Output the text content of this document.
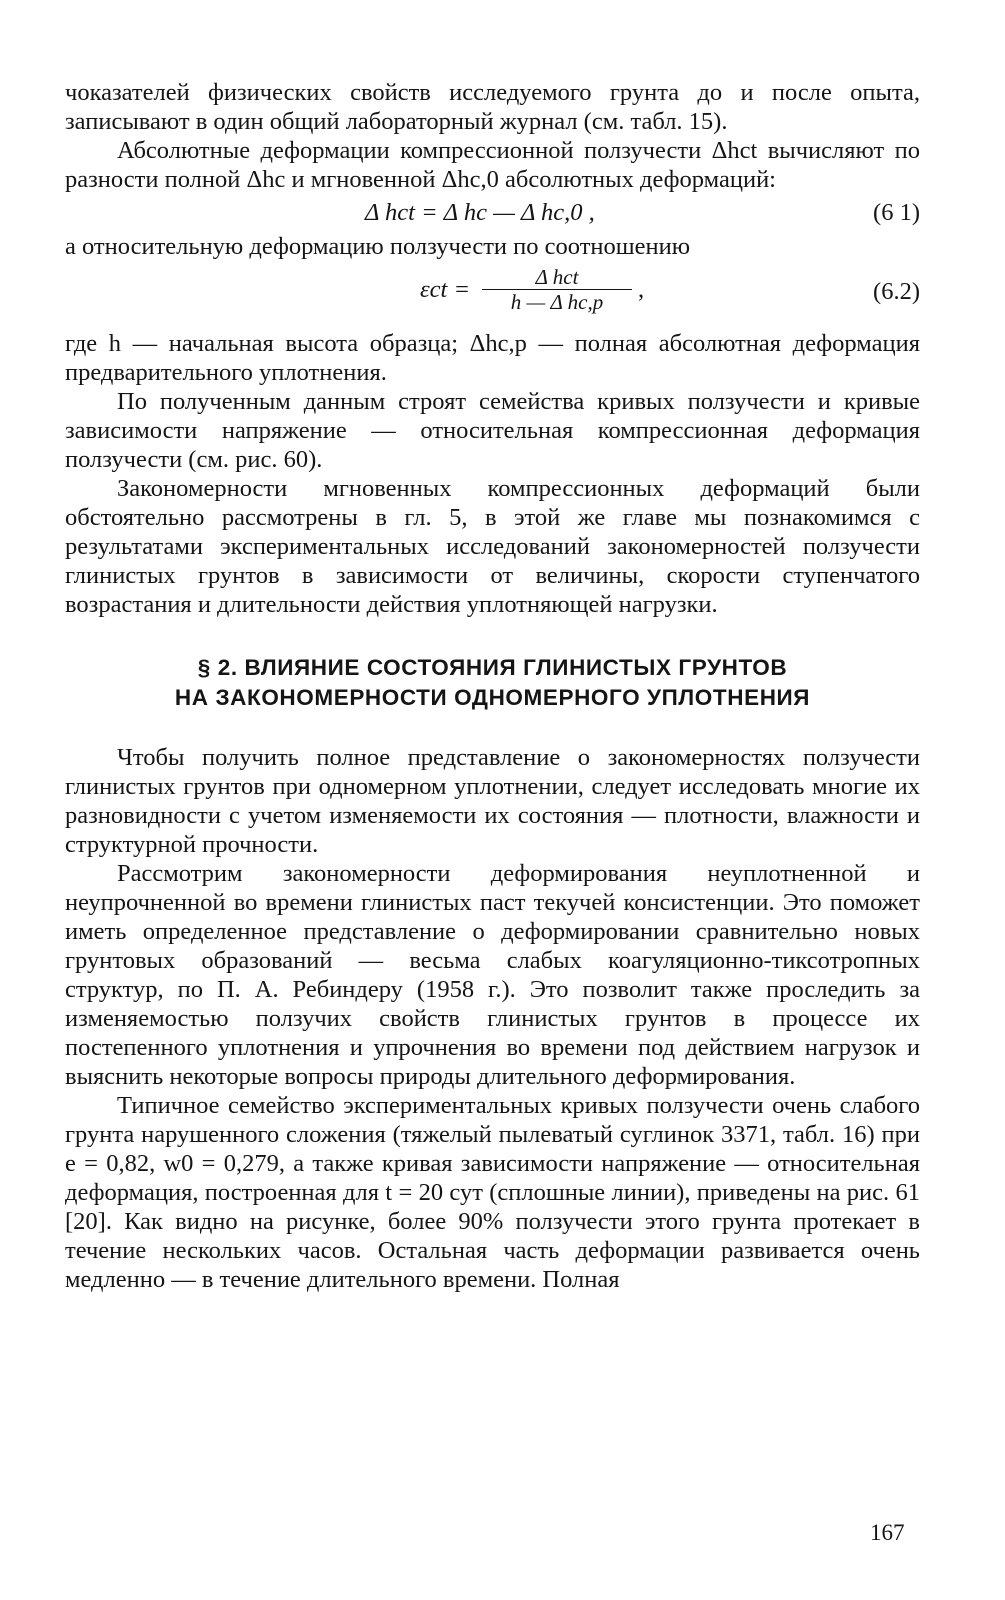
чоказателей физических свойств исследуемого грунта до и после опыта, записывают в один общий лабораторный журнал (см. табл. 15).

Абсолютные деформации компрессионной ползучести Δhct вычисляют по разности полной Δhc и мгновенной Δhc,0 абсолютных деформаций:

Δ hct = Δ hc — Δ hc,0 ,	(6 1)

а относительную деформацию ползучести по соотношению

$\varepsilon ct = \frac{\text{Δ hct}}{\text{h — Δ hc,p}}$ ,	(6.2)

где h — начальная высота образца; Δhc,p — полная абсолютная деформация предварительного уплотнения.

По полученным данным строят семейства кривых ползучести и кривые зависимости напряжение — относительная компрессионная деформация ползучести (см. рис. 60).

Закономерности мгновенных компрессионных деформаций были обстоятельно рассмотрены в гл. 5, в этой же главе мы познакомимся с результатами экспериментальных исследований закономерностей ползучести глинистых грунтов в зависимости от величины, скорости ступенчатого возрастания и длительности действия уплотняющей нагрузки.

§ 2. ВЛИЯНИЕ СОСТОЯНИЯ ГЛИНИСТЫХ ГРУНТОВ
НА ЗАКОНОМЕРНОСТИ ОДНОМЕРНОГО УПЛОТНЕНИЯ

Чтобы получить полное представление о закономерностях ползучести глинистых грунтов при одномерном уплотнении, следует исследовать многие их разновидности с учетом изменяемости их состояния — плотности, влажности и структурной прочности.

Рассмотрим закономерности деформирования неуплотненной и неупрочненной во времени глинистых паст текучей консистенции. Это поможет иметь определенное представление о деформировании сравнительно новых грунтовых образований — весьма слабых коагуляционно-тиксотропных структур, по П. А. Ребиндеру (1958 г.). Это позволит также проследить за изменяемостью ползучих свойств глинистых грунтов в процессе их постепенного уплотнения и упрочнения во времени под действием нагрузок и выяснить некоторые вопросы природы длительного деформирования.

Типичное семейство экспериментальных кривых ползучести очень слабого грунта нарушенного сложения (тяжелый пылеватый суглинок 3371, табл. 16) при e = 0,82, w0 = 0,279, а также кривая зависимости напряжение — относительная деформация, построенная для t = 20 сут (сплошные линии), приведены на рис. 61 [20]. Как видно на рисунке, более 90% ползучести этого грунта протекает в течение нескольких часов. Остальная часть деформации развивается очень медленно — в течение длительного времени. Полная

167
